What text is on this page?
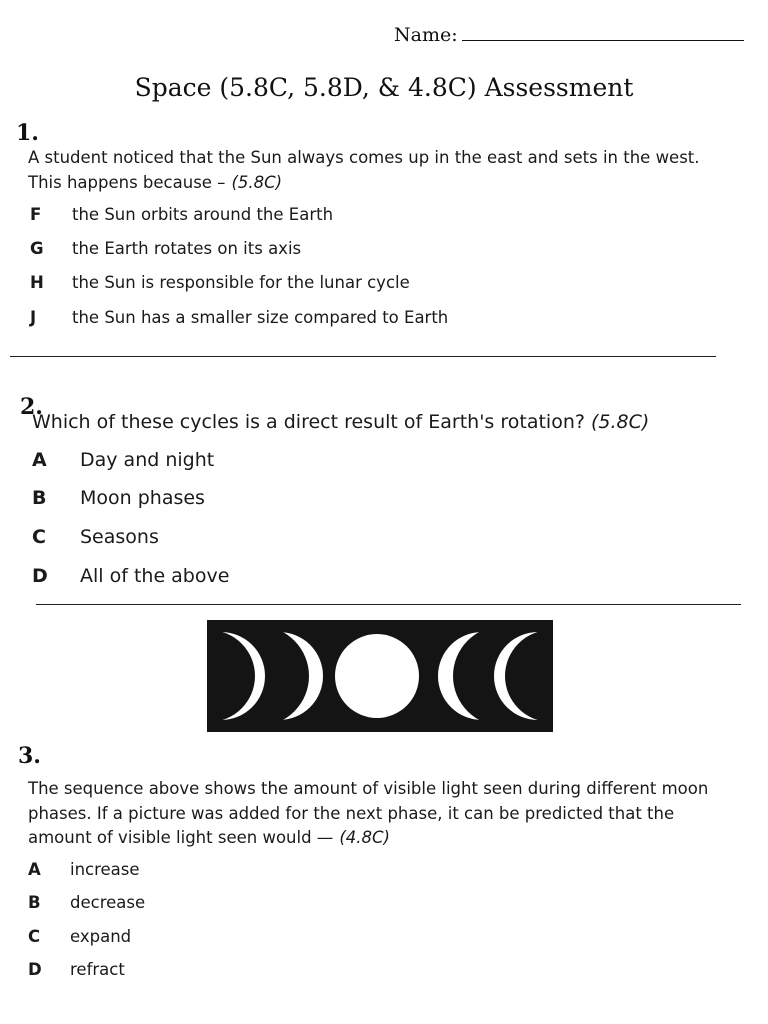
Name:
Space (5.8C, 5.8D, & 4.8C) Assessment
1.
A student noticed that the Sun always comes up in the east and sets in the west.
This happens because – (5.8C)
F the Sun orbits around the Earth
G the Earth rotates on its axis
H the Sun is responsible for the lunar cycle
J the Sun has a smaller size compared to Earth
2.
Which of these cycles is a direct result of Earth's rotation? (5.8C)
A Day and night
B Moon phases
C Seasons
D All of the above
3.
The sequence above shows the amount of visible light seen during different moon
phases. If a picture was added for the next phase, it can be predicted that the
amount of visible light seen would — (4.8C)
A increase
B decrease
C expand
D refract
